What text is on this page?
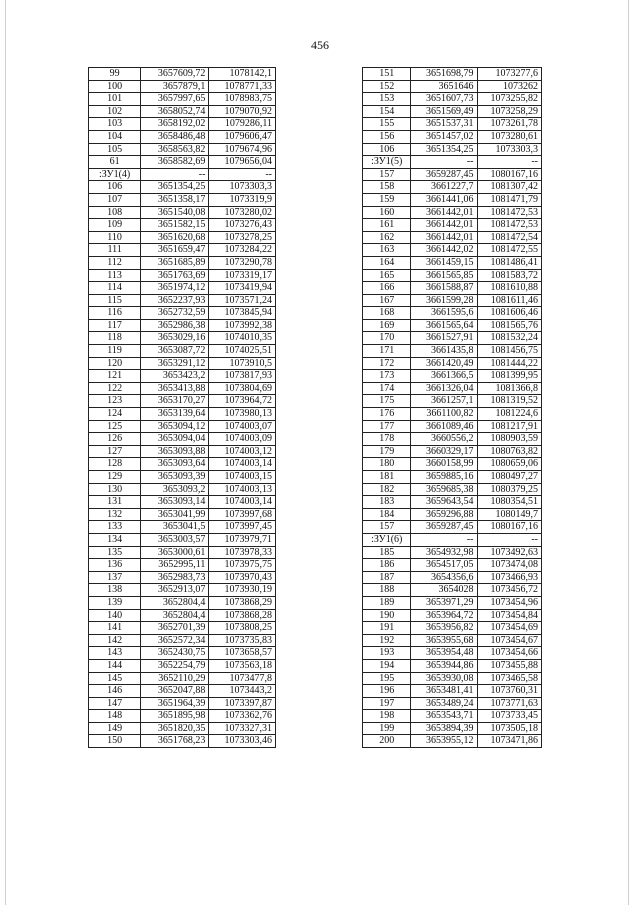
456
99	3657609,72	1078142,1
100	3657879,1	1078771,33
101	3657997,65	1078983,75
102	3658052,74	1079070,92
103	3658192,02	1079286,11
104	3658486,48	1079606,47
105	3658563,82	1079674,96
61	3658582,69	1079656,04
:ЗУ1(4)	--	--
106	3651354,25	1073303,3
107	3651358,17	1073319,9
108	3651540,08	1073280,02
109	3651582,15	1073276,43
110	3651620,68	1073278,25
111	3651659,47	1073284,22
112	3651685,89	1073290,78
113	3651763,69	1073319,17
114	3651974,12	1073419,94
115	3652237,93	1073571,24
116	3652732,59	1073845,94
117	3652986,38	1073992,38
118	3653029,16	1074010,35
119	3653087,72	1074025,51
120	3653291,12	1073910,5
121	3653423,2	1073817,93
122	3653413,88	1073804,69
123	3653170,27	1073964,72
124	3653139,64	1073980,13
125	3653094,12	1074003,07
126	3653094,04	1074003,09
127	3653093,88	1074003,12
128	3653093,64	1074003,14
129	3653093,39	1074003,15
130	3653093,2	1074003,13
131	3653093,14	1074003,14
132	3653041,99	1073997,68
133	3653041,5	1073997,45
134	3653003,57	1073979,71
135	3653000,61	1073978,33
136	3652995,11	1073975,75
137	3652983,73	1073970,43
138	3652913,07	1073930,19
139	3652804,4	1073868,29
140	3652804,4	1073868,28
141	3652701,39	1073808,25
142	3652572,34	1073735,83
143	3652430,75	1073658,57
144	3652254,79	1073563,18
145	3652110,29	1073477,8
146	3652047,88	1073443,2
147	3651964,39	1073397,87
148	3651895,98	1073362,76
149	3651820,35	1073327,31
150	3651768,23	1073303,46
151	3651698,79	1073277,6
152	3651646	1073262
153	3651607,73	1073255,82
154	3651569,49	1073258,29
155	3651537,31	1073261,78
156	3651457,02	1073280,61
106	3651354,25	1073303,3
:ЗУ1(5)	--	--
157	3659287,45	1080167,16
158	3661227,7	1081307,42
159	3661441,06	1081471,79
160	3661442,01	1081472,53
161	3661442,01	1081472,53
162	3661442,01	1081472,54
163	3661442,02	1081472,55
164	3661459,15	1081486,41
165	3661565,85	1081583,72
166	3661588,87	1081610,88
167	3661599,28	1081611,46
168	3661595,6	1081606,46
169	3661565,64	1081565,76
170	3661527,91	1081532,24
171	3661435,8	1081456,75
172	3661420,49	1081444,22
173	3661366,5	1081399,95
174	3661326,04	1081366,8
175	3661257,1	1081319,52
176	3661100,82	1081224,6
177	3661089,46	1081217,91
178	3660556,2	1080903,59
179	3660329,17	1080763,82
180	3660158,99	1080659,06
181	3659885,16	1080497,27
182	3659685,38	1080379,25
183	3659643,54	1080354,51
184	3659296,88	1080149,7
157	3659287,45	1080167,16
:ЗУ1(6)	--	--
185	3654932,98	1073492,63
186	3654517,05	1073474,08
187	3654356,6	1073466,93
188	3654028	1073456,72
189	3653971,29	1073454,96
190	3653964,72	1073454,84
191	3653956,82	1073454,69
192	3653955,68	1073454,67
193	3653954,48	1073454,66
194	3653944,86	1073455,88
195	3653930,08	1073465,58
196	3653481,41	1073760,31
197	3653489,24	1073771,63
198	3653543,71	1073733,45
199	3653894,39	1073505,18
200	3653955,12	1073471,86
